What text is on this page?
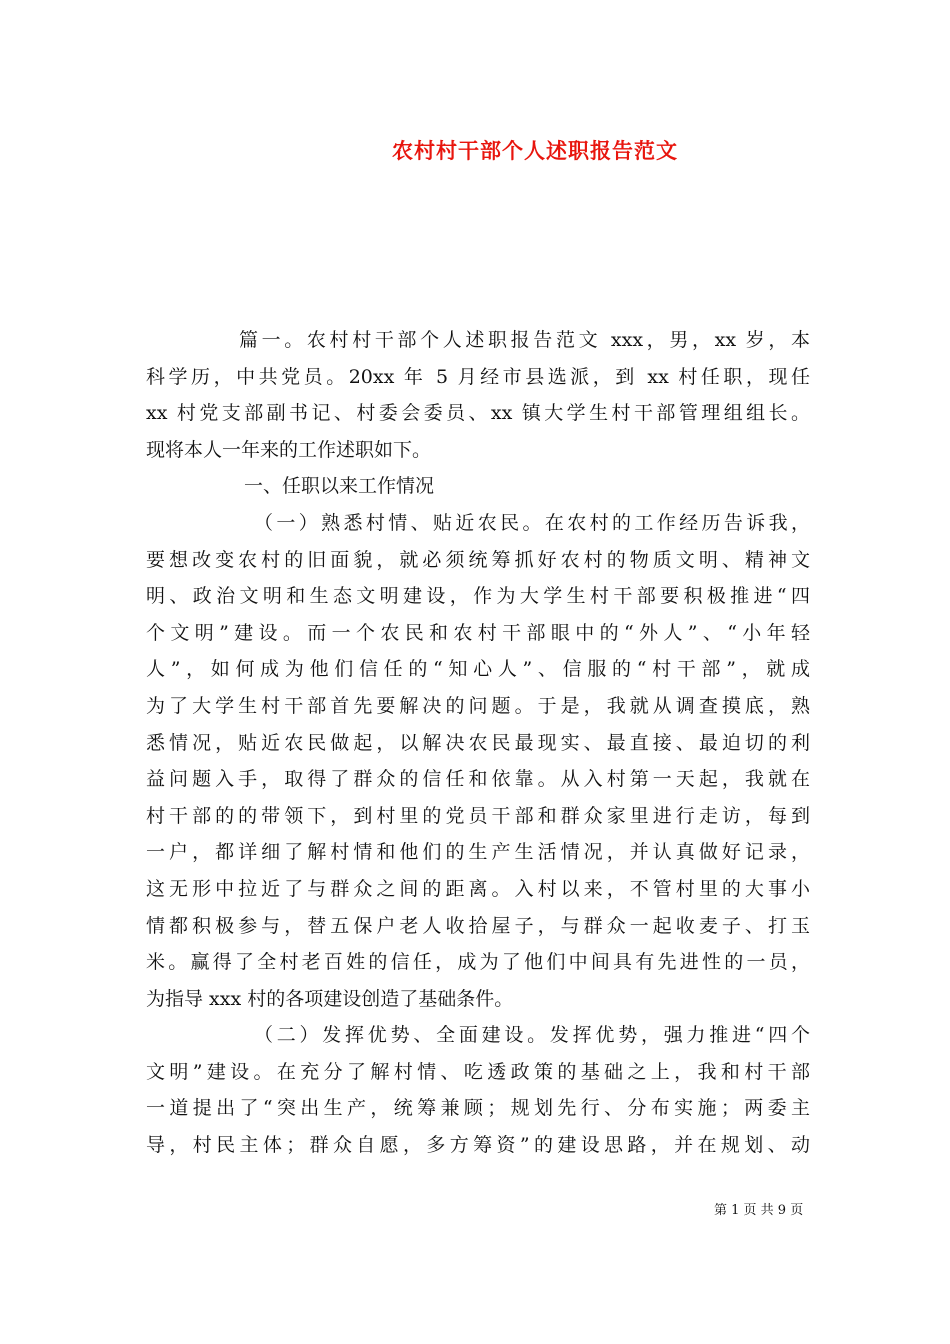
农村村干部个人述职报告范文
篇一。农村村干部个人述职报告范文 xxx，男，xx 岁，本
科学历，中共党员。20xx 年 5 月经市县选派，到 xx 村任职，现任
xx 村党支部副书记、村委会委员、xx 镇大学生村干部管理组组长。
现将本人一年来的工作述职如下。
一、任职以来工作情况
（一）熟悉村情、贴近农民。在农村的工作经历告诉我，
要想改变农村的旧面貌，就必须统筹抓好农村的物质文明、精神文
明、政治文明和生态文明建设，作为大学生村干部要积极推进“四
个文明”建设。而一个农民和农村干部眼中的“外人”、“小年轻
人”，如何成为他们信任的“知心人”、信服的“村干部”，就成
为了大学生村干部首先要解决的问题。于是，我就从调查摸底，熟
悉情况，贴近农民做起，以解决农民最现实、最直接、最迫切的利
益问题入手，取得了群众的信任和依靠。从入村第一天起，我就在
村干部的的带领下，到村里的党员干部和群众家里进行走访，每到
一户，都详细了解村情和他们的生产生活情况，并认真做好记录，
这无形中拉近了与群众之间的距离。入村以来，不管村里的大事小
情都积极参与，替五保户老人收拾屋子，与群众一起收麦子、打玉
米。赢得了全村老百姓的信任，成为了他们中间具有先进性的一员，
为指导 xxx 村的各项建设创造了基础条件。
（二）发挥优势、全面建设。发挥优势，强力推进“四个
文明”建设。在充分了解村情、吃透政策的基础之上，我和村干部
一道提出了“突出生产，统筹兼顾；规划先行、分布实施；两委主
导，村民主体；群众自愿，多方筹资”的建设思路，并在规划、动
第 1 页 共 9 页
